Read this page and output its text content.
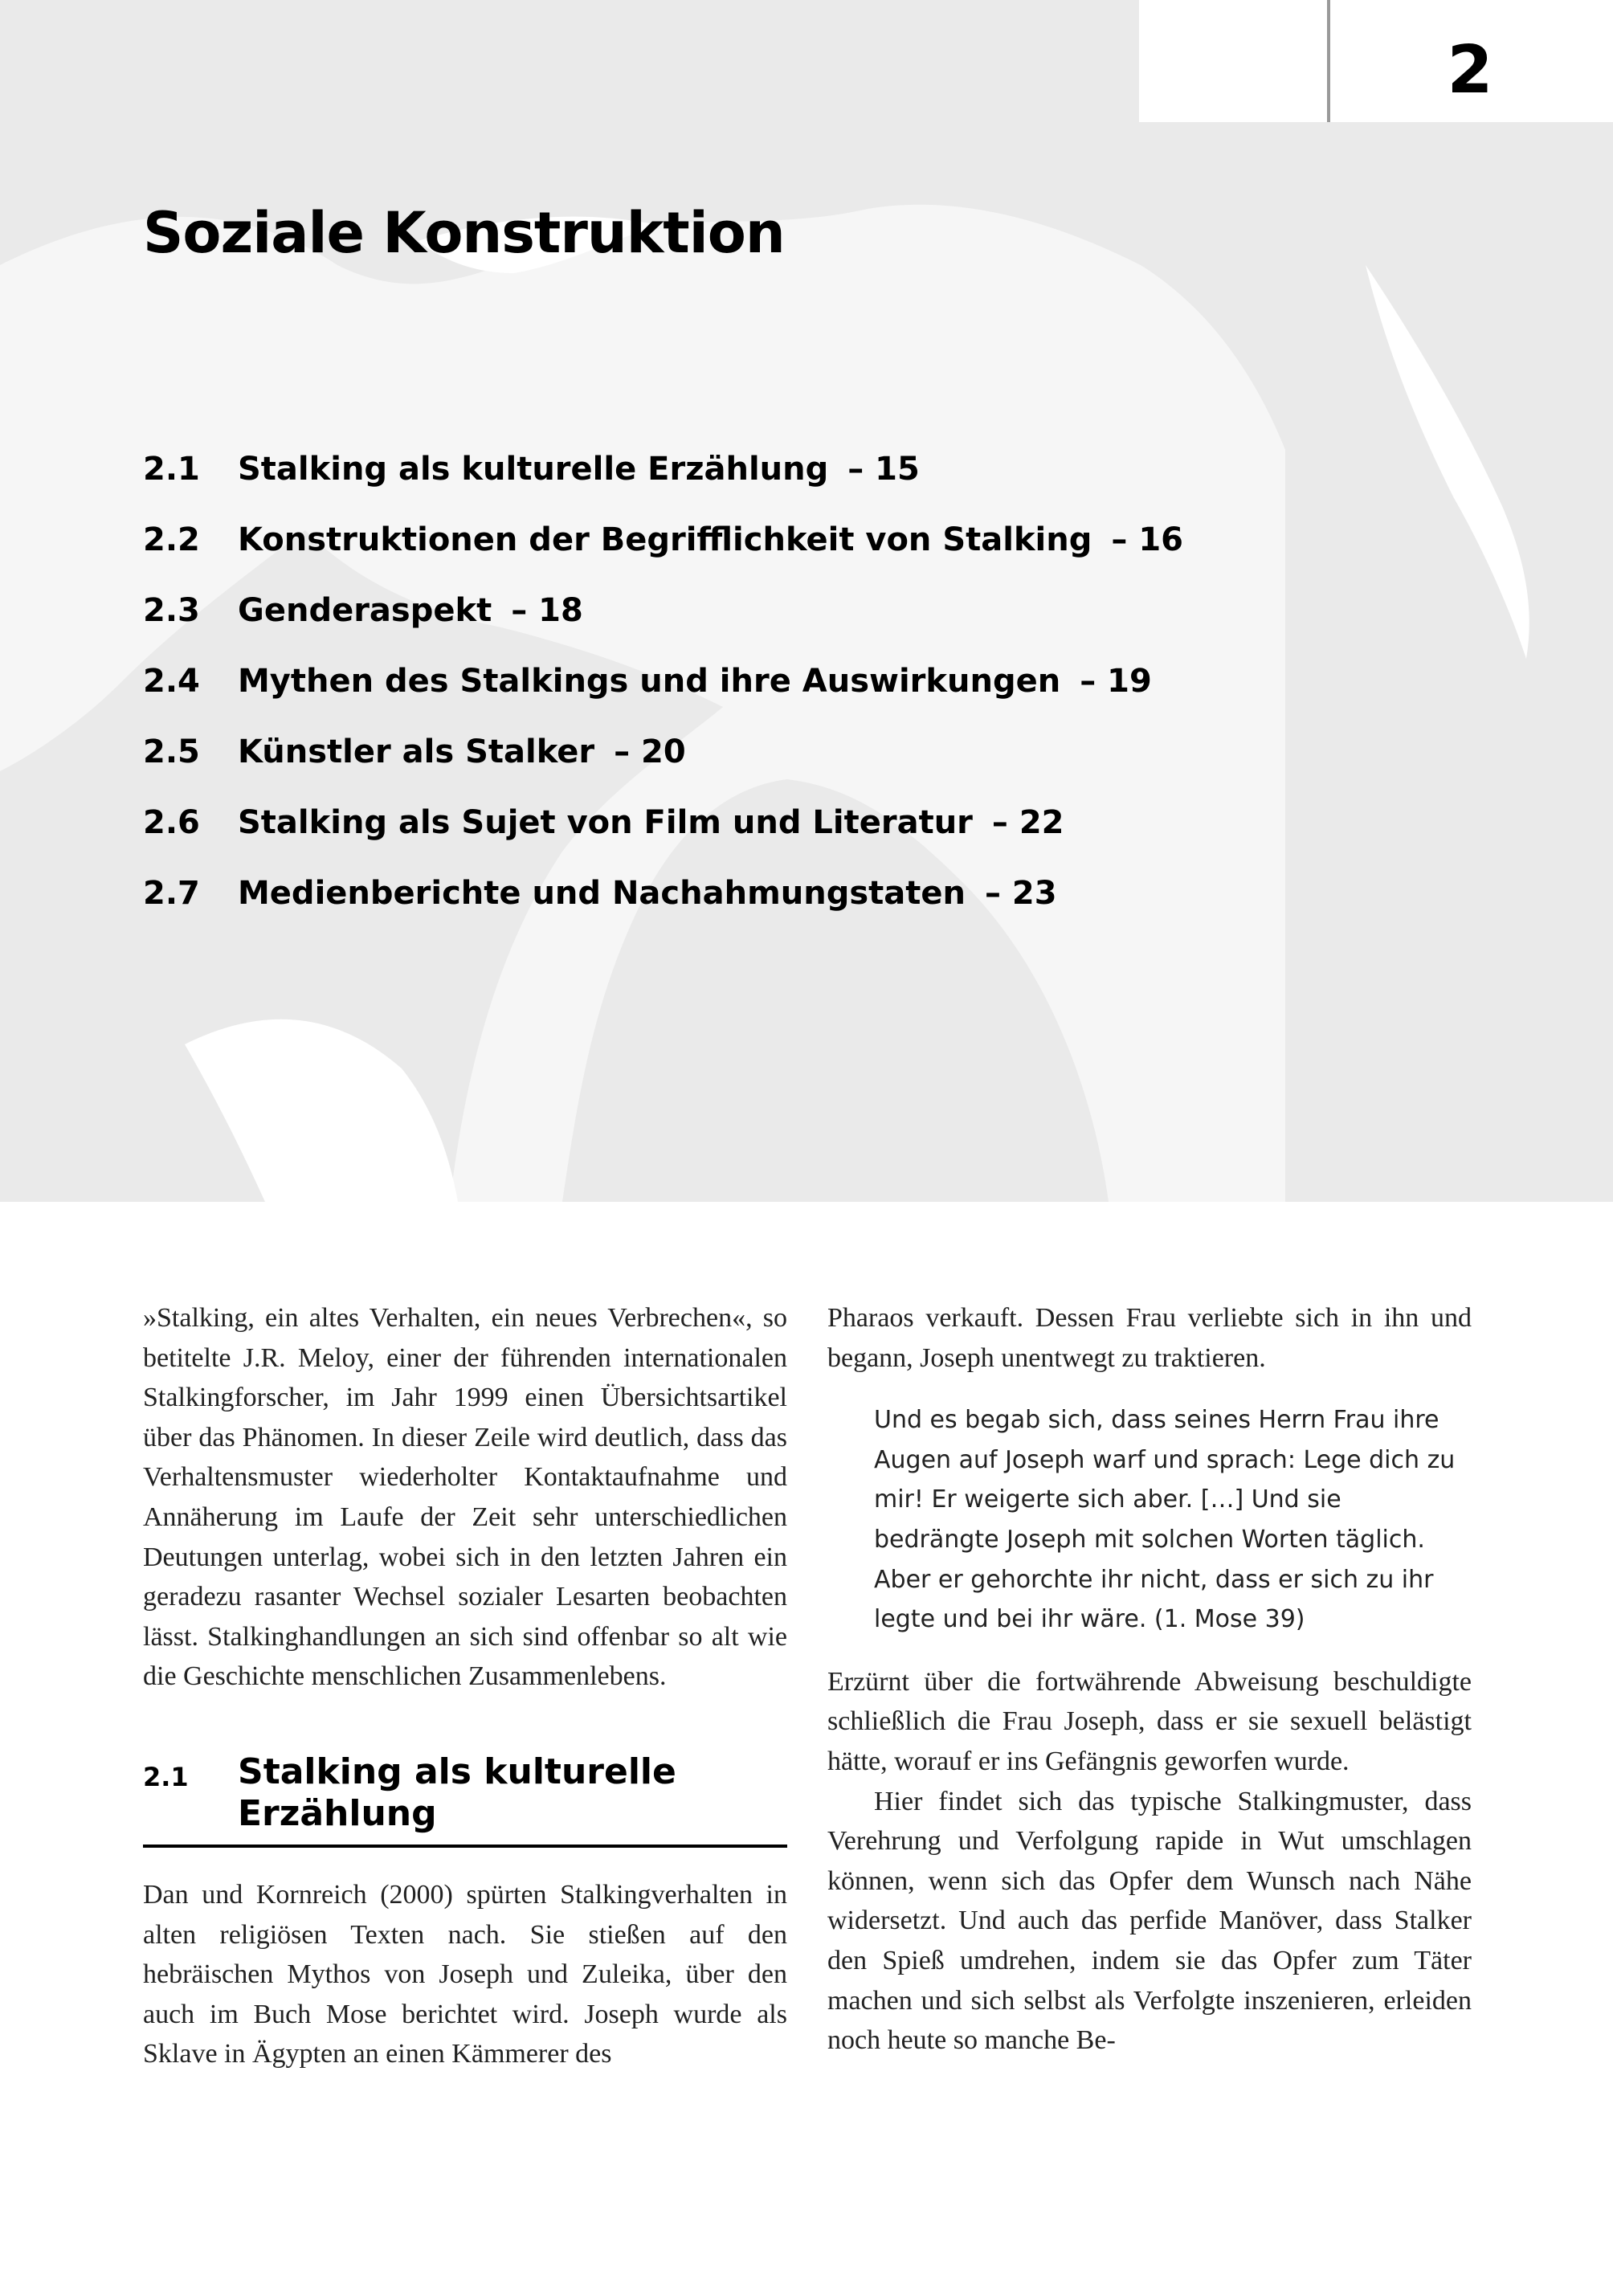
2
Soziale Konstruktion
2.1	Stalking als kulturelle Erzählung – 15
2.2	Konstruktionen der Begrifflichkeit von Stalking – 16
2.3	Genderaspekt – 18
2.4	Mythen des Stalkings und ihre Auswirkungen – 19
2.5	Künstler als Stalker – 20
2.6	Stalking als Sujet von Film und Literatur – 22
2.7	Medienberichte und Nachahmungstaten – 23

»Stalking, ein altes Verhalten, ein neues Verbrechen«, so betitelte J.R. Meloy, einer der führenden internationalen Stalkingforscher, im Jahr 1999 einen Übersichtsartikel über das Phänomen. In dieser Zeile wird deutlich, dass das Verhaltensmuster wiederholter Kontaktaufnahme und Annäherung im Laufe der Zeit sehr unterschiedlichen Deutungen unterlag, wobei sich in den letzten Jahren ein geradezu rasanter Wechsel sozialer Lesarten beobachten lässt. Stalkinghandlungen an sich sind offenbar so alt wie die Geschichte menschlichen Zusammenlebens.

2.1	Stalking als kulturelle Erzählung

Dan und Kornreich (2000) spürten Stalkingverhalten in alten religiösen Texten nach. Sie stießen auf den hebräischen Mythos von Joseph und Zuleika, über den auch im Buch Mose berichtet wird. Joseph wurde als Sklave in Ägypten an einen Kämmerer des

Pharaos verkauft. Dessen Frau verliebte sich in ihn und begann, Joseph unentwegt zu traktieren.

Und es begab sich, dass seines Herrn Frau ihre Augen auf Joseph warf und sprach: Lege dich zu mir! Er weigerte sich aber. […] Und sie bedrängte Joseph mit solchen Worten täglich. Aber er gehorchte ihr nicht, dass er sich zu ihr legte und bei ihr wäre. (1. Mose 39)

Erzürnt über die fortwährende Abweisung beschuldigte schließlich die Frau Joseph, dass er sie sexuell belästigt hätte, worauf er ins Gefängnis geworfen wurde.

Hier findet sich das typische Stalkingmuster, dass Verehrung und Verfolgung rapide in Wut umschlagen können, wenn sich das Opfer dem Wunsch nach Nähe widersetzt. Und auch das perfide Manöver, dass Stalker den Spieß umdrehen, indem sie das Opfer zum Täter machen und sich selbst als Verfolgte inszenieren, erleiden noch heute so manche Be-
